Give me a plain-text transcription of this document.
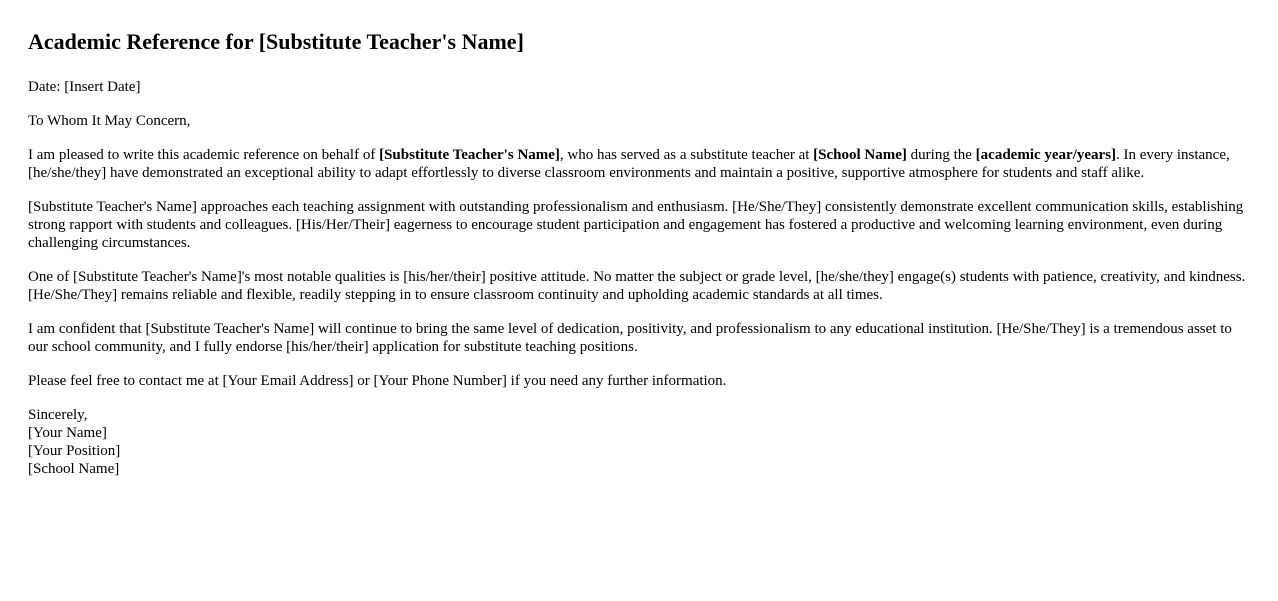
Academic Reference for [Substitute Teacher's Name]

Date: [Insert Date]

To Whom It May Concern,

I am pleased to write this academic reference on behalf of [Substitute Teacher's Name], who has served as a substitute teacher at [School Name] during the [academic year/years]. In every instance, [he/she/they] have demonstrated an exceptional ability to adapt effortlessly to diverse classroom environments and maintain a positive, supportive atmosphere for students and staff alike.

[Substitute Teacher's Name] approaches each teaching assignment with outstanding professionalism and enthusiasm. [He/She/They] consistently demonstrate excellent communication skills, establishing strong rapport with students and colleagues. [His/Her/Their] eagerness to encourage student participation and engagement has fostered a productive and welcoming learning environment, even during challenging circumstances.

One of [Substitute Teacher's Name]'s most notable qualities is [his/her/their] positive attitude. No matter the subject or grade level, [he/she/they] engage(s) students with patience, creativity, and kindness. [He/She/They] remains reliable and flexible, readily stepping in to ensure classroom continuity and upholding academic standards at all times.

I am confident that [Substitute Teacher's Name] will continue to bring the same level of dedication, positivity, and professionalism to any educational institution. [He/She/They] is a tremendous asset to our school community, and I fully endorse [his/her/their] application for substitute teaching positions.

Please feel free to contact me at [Your Email Address] or [Your Phone Number] if you need any further information.

Sincerely,
[Your Name]
[Your Position]
[School Name]
